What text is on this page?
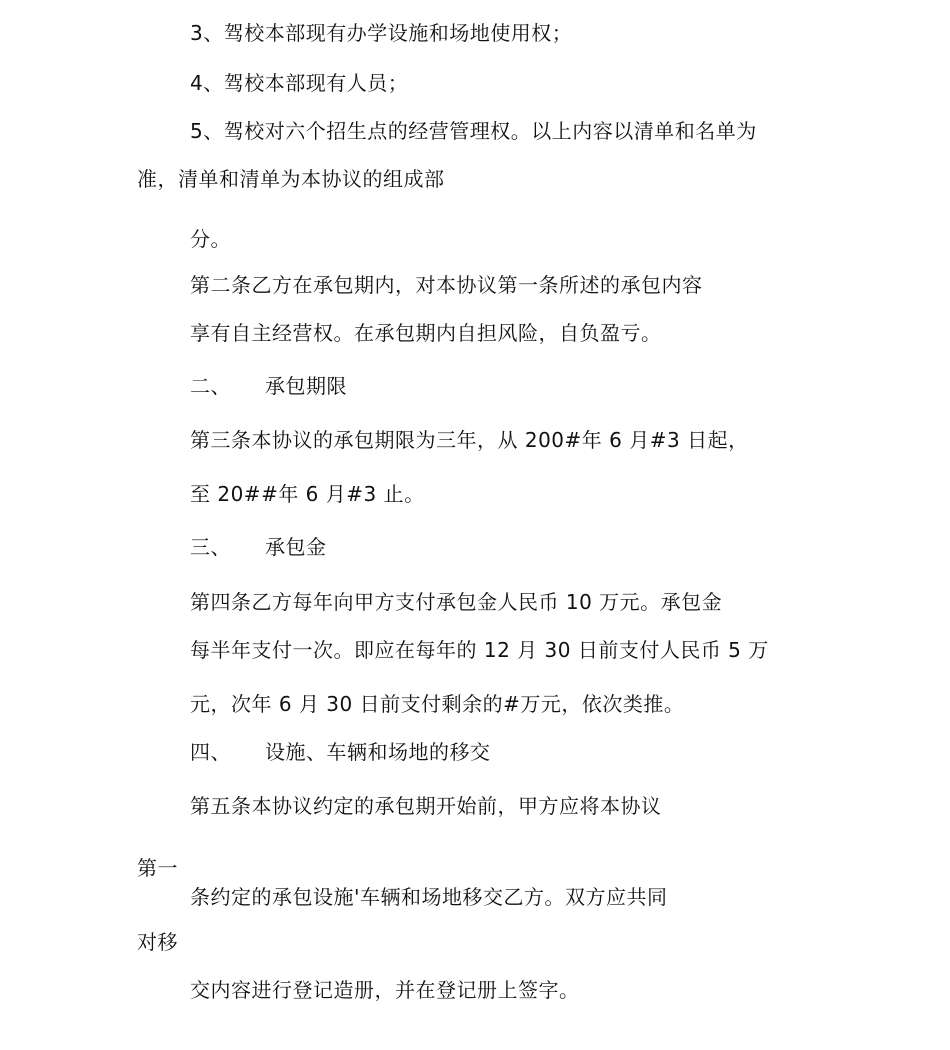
3、驾校本部现有办学设施和场地使用权；
4、驾校本部现有人员；
5、驾校对六个招生点的经营管理权。以上内容以清单和名单为
准，清单和清单为本协议的组成部
分。
第二条乙方在承包期内，对本协议第一条所述的承包内容
享有自主经营权。在承包期内自担风险，自负盈亏。
二、 承包期限
第三条本协议的承包期限为三年，从 200#年 6 月#3 日起，
至 20##年 6 月#3 止。
三、 承包金
第四条乙方每年向甲方支付承包金人民币 10 万元。承包金
每半年支付一次。即应在每年的 12 月 30 日前支付人民币 5 万
元，次年 6 月 30 日前支付剩余的#万元，依次类推。
四、 设施、车辆和场地的移交
第五条本协议约定的承包期开始前，甲方应将本协议
第一
条约定的承包设施'车辆和场地移交乙方。双方应共同
对移
交内容进行登记造册，并在登记册上签字。
